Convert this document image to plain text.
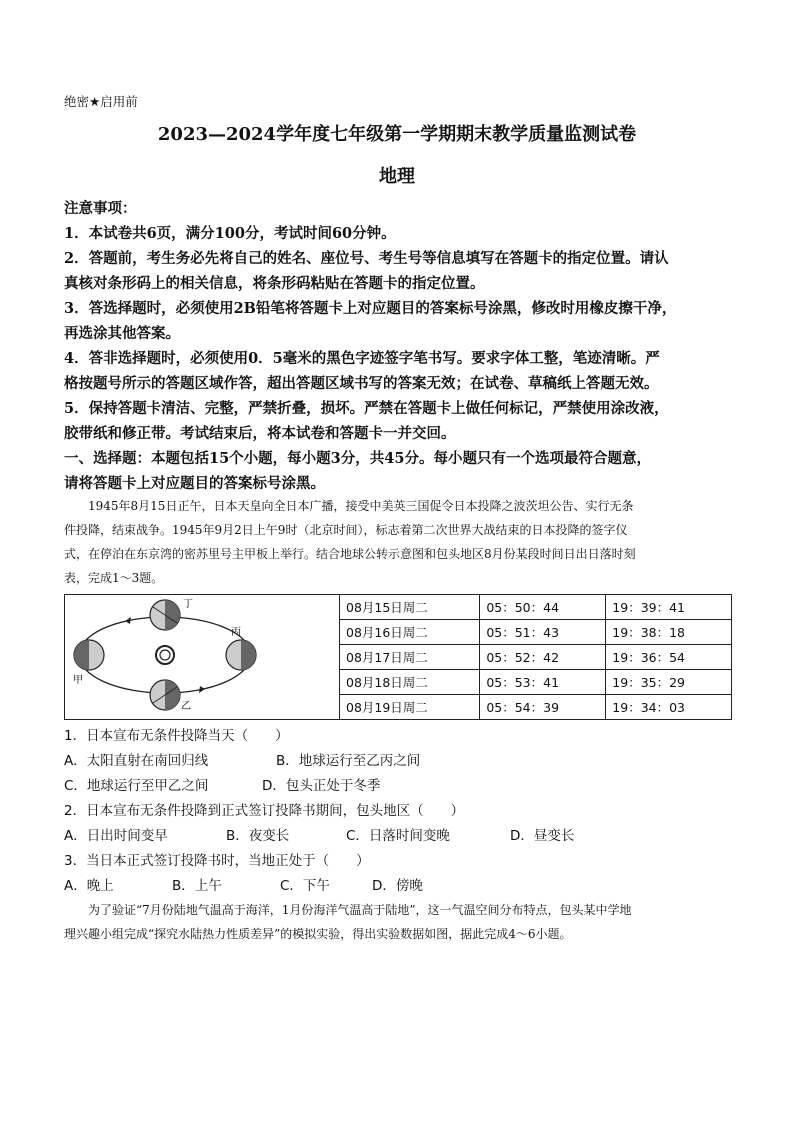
绝密★启用前
2023—2024学年度七年级第一学期期末教学质量监测试卷
地理
注意事项：
1．本试卷共6页，满分100分，考试时间60分钟。
2．答题前，考生务必先将自己的姓名、座位号、考生号等信息填写在答题卡的指定位置。请认
真核对条形码上的相关信息，将条形码粘贴在答题卡的指定位置。
3．答选择题时，必须使用2B铅笔将答题卡上对应题目的答案标号涂黑，修改时用橡皮擦干净，
再选涂其他答案。
4．答非选择题时，必须使用0．5毫米的黑色字迹签字笔书写。要求字体工整，笔迹清晰。严
格按题号所示的答题区域作答，超出答题区域书写的答案无效；在试卷、草稿纸上答题无效。
5．保持答题卡清洁、完整，严禁折叠，损坏。严禁在答题卡上做任何标记，严禁使用涂改液，
胶带纸和修正带。考试结束后，将本试卷和答题卡一并交回。
一、选择题：本题包括15个小题，每小题3分，共45分。每小题只有一个选项最符合题意，
请将答题卡上对应题目的答案标号涂黑。
　　1945年8月15日正午，日本天皇向全日本广播，接受中美英三国促令日本投降之波茨坦公告、实行无条
件投降，结束战争。1945年9月2日上午9时（北京时间），标志着第二次世界大战结束的日本投降的签字仪
式，在停泊在东京湾的密苏里号主甲板上举行。结合地球公转示意图和包头地区8月份某段时间日出日落时刻
表，完成1～3题。
丁
丙
甲
乙
08月15日周二	05：50：44	19：39：41
08月16日周二	05：51：43	19：38：18
08月17日周二	05：52：42	19：36：54
08月18日周二	05：53：41	19：35：29
08月19日周二	05：54：39	19：34：03
1．日本宣布无条件投降当天（　　）
A．太阳直射在南回归线	B．地球运行至乙丙之间
C．地球运行至甲乙之间	D．包头正处于冬季
2．日本宣布无条件投降到正式签订投降书期间，包头地区（　　）
A．日出时间变早	B．夜变长	C．日落时间变晚	D．昼变长
3．当日本正式签订投降书时，当地正处于（　　）
A．晚上	B．上午	C．下午	D．傍晚
　　为了验证“7月份陆地气温高于海洋，1月份海洋气温高于陆地”，这一气温空间分布特点，包头某中学地
理兴趣小组完成“探究水陆热力性质差异”的模拟实验，得出实验数据如图，据此完成4～6小题。
